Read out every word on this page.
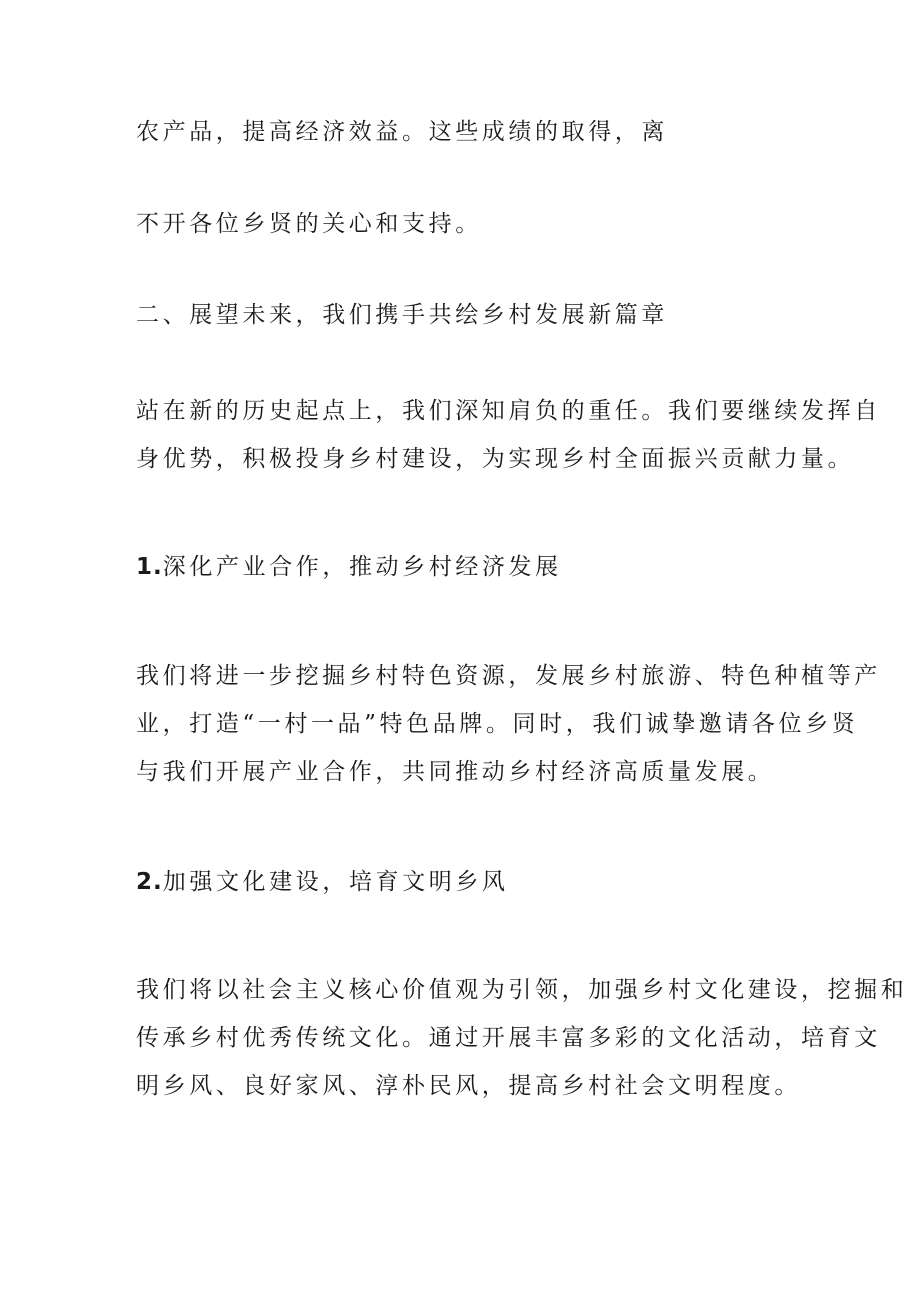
农产品，提高经济效益。这些成绩的取得，离
不开各位乡贤的关心和支持。
二、展望未来，我们携手共绘乡村发展新篇章
站在新的历史起点上，我们深知肩负的重任。我们要继续发挥自
身优势，积极投身乡村建设，为实现乡村全面振兴贡献力量。
1.深化产业合作，推动乡村经济发展
我们将进一步挖掘乡村特色资源，发展乡村旅游、特色种植等产
业，打造“一村一品”特色品牌。同时，我们诚挚邀请各位乡贤
与我们开展产业合作，共同推动乡村经济高质量发展。
2.加强文化建设，培育文明乡风
我们将以社会主义核心价值观为引领，加强乡村文化建设，挖掘和
传承乡村优秀传统文化。通过开展丰富多彩的文化活动，培育文
明乡风、良好家风、淳朴民风，提高乡村社会文明程度。
